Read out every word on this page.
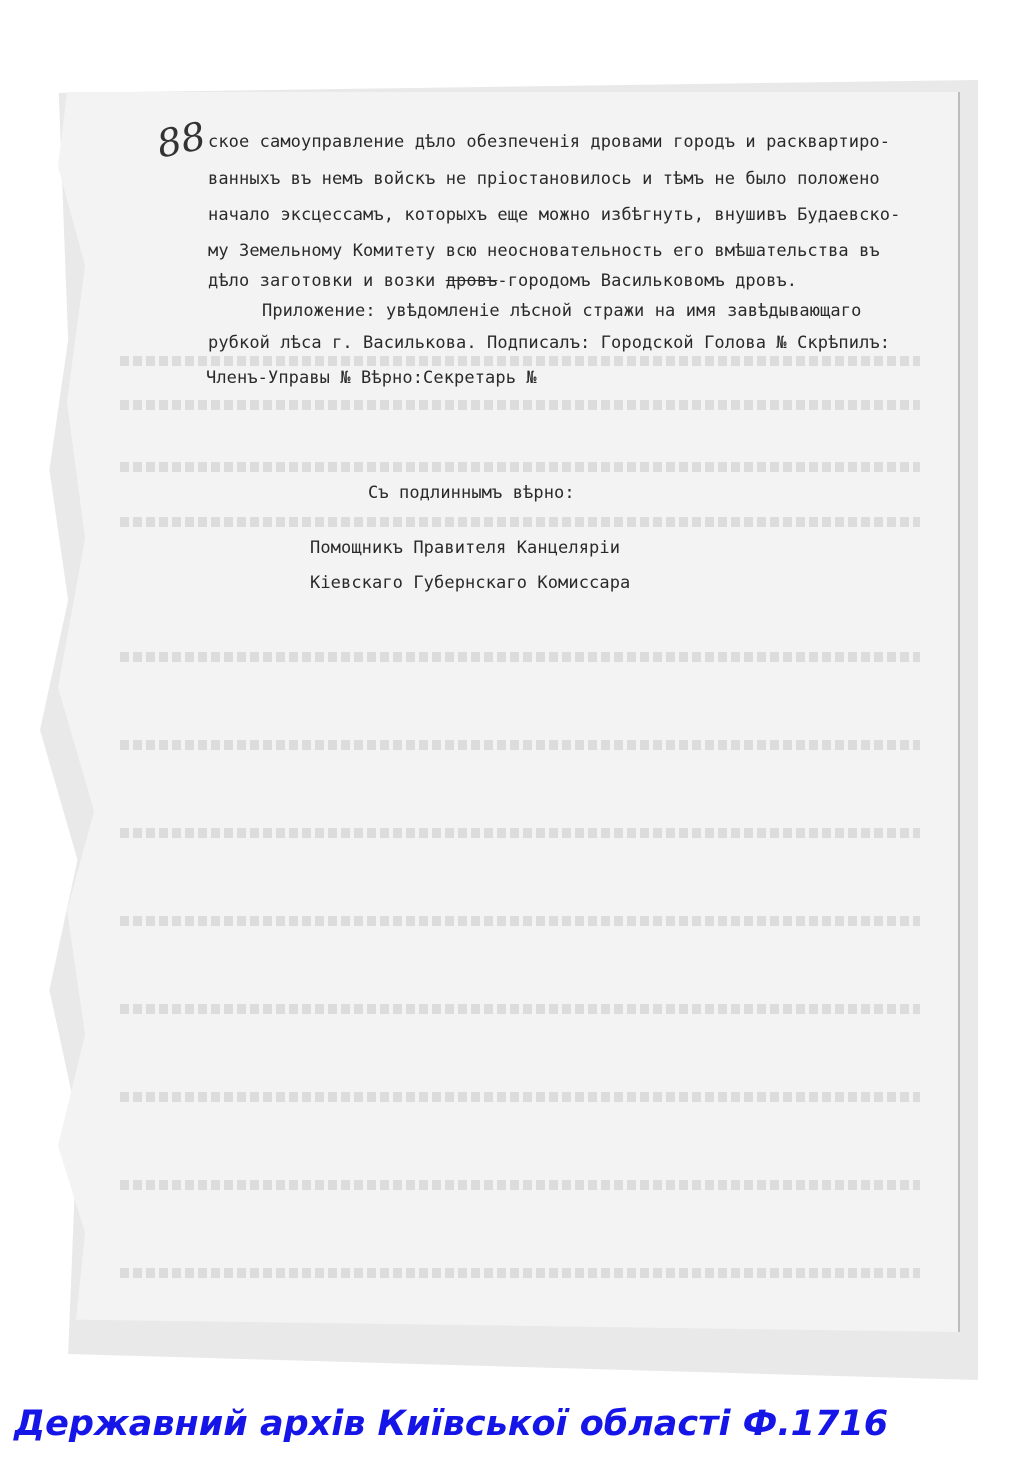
88
ское самоуправление дѣло обезпеченія дровами городъ и расквартиро-
ванныхъ въ немъ войскъ не пріостановилось и тѣмъ не было положено
начало эксцессамъ, которыхъ еще можно избѣгнуть, внушивъ Будаевско-
му Земельному Комитету всю неосновательность его вмѣшательства въ
дѣло заготовки и возки дровъ-городомъ Васильковомъ дровъ.
Приложение: увѣдомленіе лѣсной стражи на имя завѣдывающаго
рубкой лѣса г. Василькова. Подписалъ: Городской Голова № Скрѣпилъ:
Членъ-Управы № Вѣрно:Секретарь №
Съ подлиннымъ вѣрно:
Помощникъ Правителя Канцеляріи
Кіевскаго Губернскаго Комиссара
Державний архів Київської області Ф.1716
